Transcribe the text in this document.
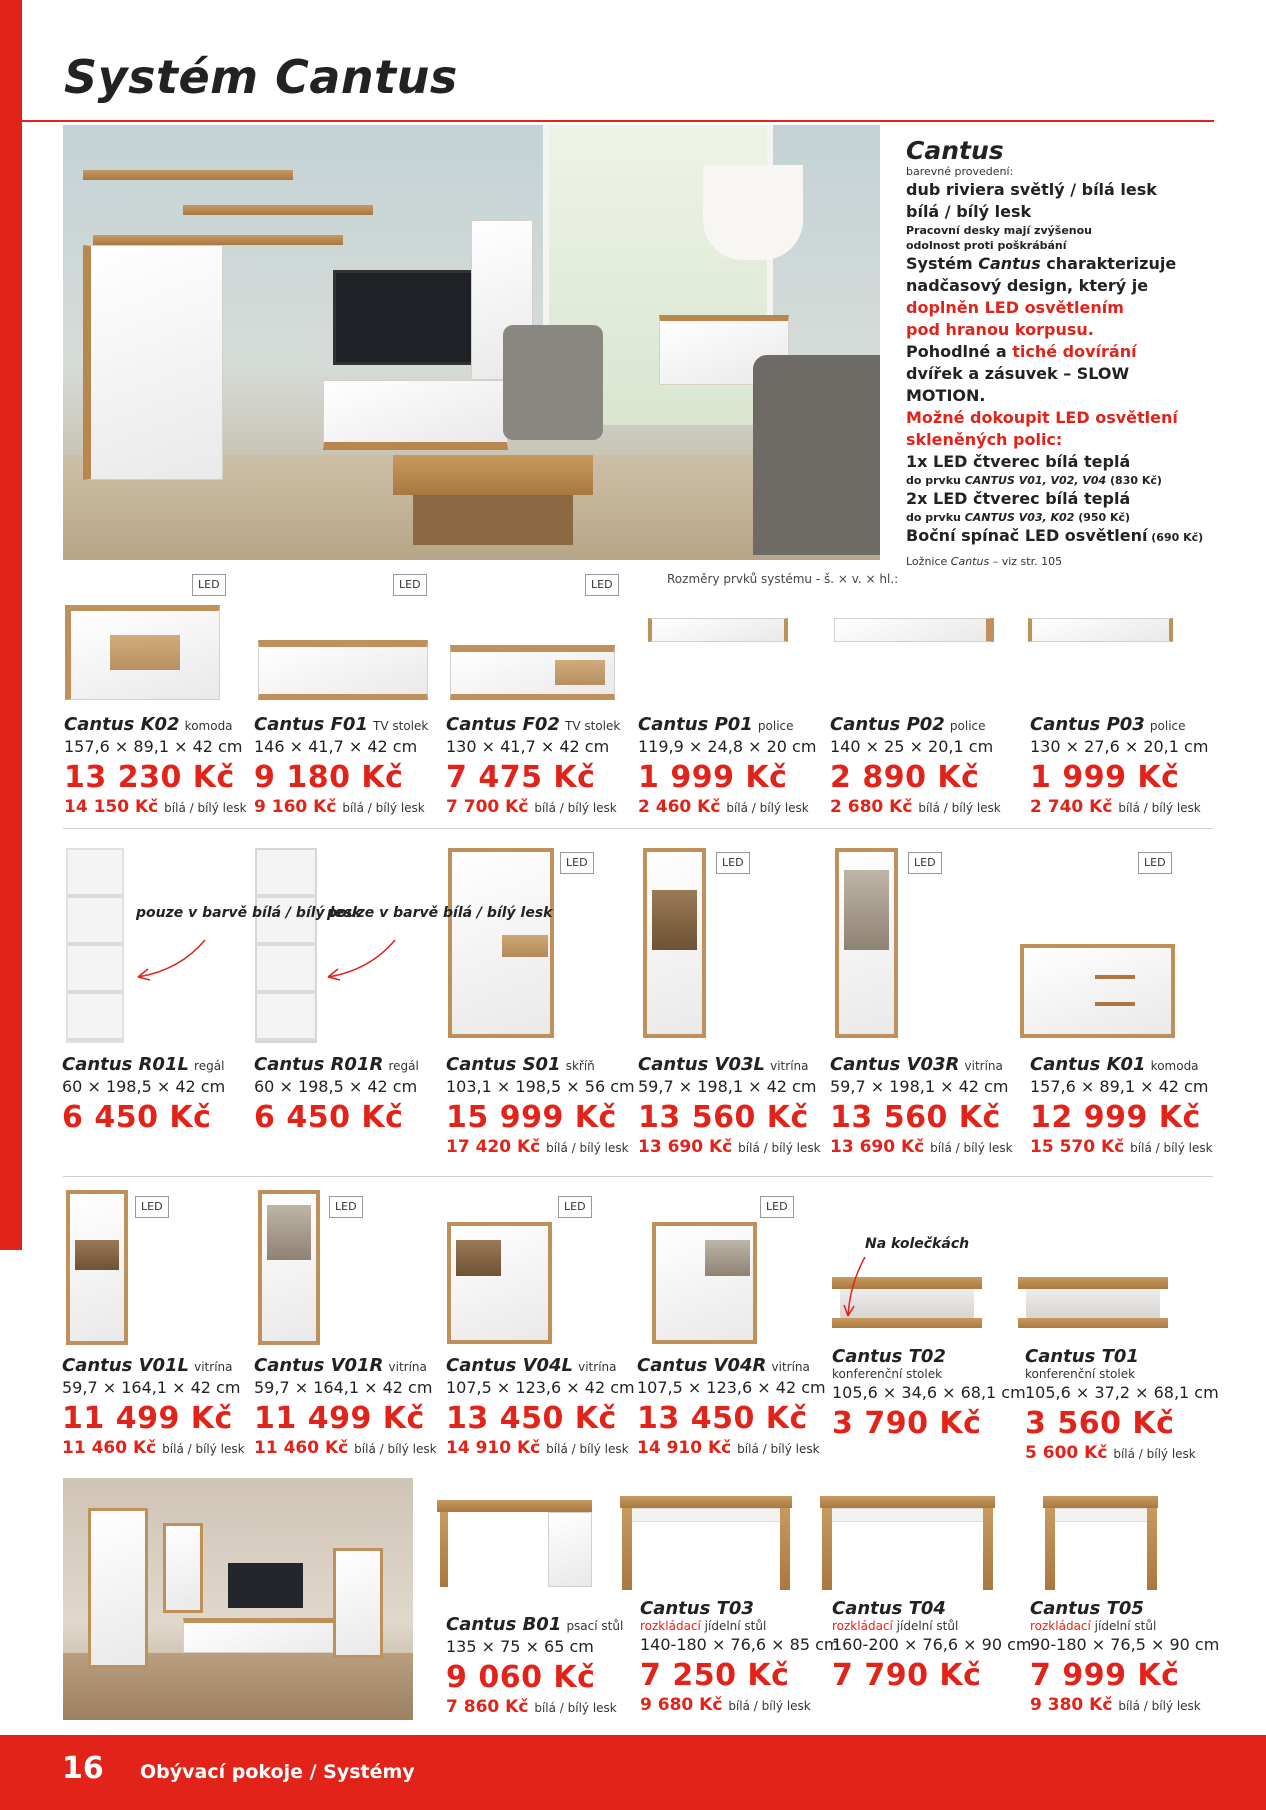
Systém Cantus
Cantus
barevné provedení:
dub riviera světlý / bílá lesk
bílá / bílý lesk
Pracovní desky mají zvýšenou
odolnost proti poškrábání
Systém Cantus charakterizuje
nadčasový design, který je
doplněn LED osvětlením
pod hranou korpusu.
Pohodlné a tiché dovírání
dvířek a zásuvek – SLOW MOTION.
Možné dokoupit LED osvětlení
skleněných polic:
1x LED čtverec bílá teplá
do prvku CANTUS V01, V02, V04 (830 Kč)
2x LED čtverec bílá teplá
do prvku CANTUS V03, K02 (950 Kč)
Boční spínač LED osvětlení (690 Kč)
Ložnice Cantus – viz str. 105
Rozměry prvků systému - š. × v. × hl.:
LED	LED	LED
LED	LED	LED	LED
LED	LED	LED	LED
Cantus K02 komoda
157,6 × 89,1 × 42 cm
13 230 Kč
14 150 Kč bílá / bílý lesk
Cantus F01 TV stolek
146 × 41,7 × 42 cm
9 180 Kč
9 160 Kč bílá / bílý lesk
Cantus F02 TV stolek
130 × 41,7 × 42 cm
7 475 Kč
7 700 Kč bílá / bílý lesk
Cantus P01 police
119,9 × 24,8 × 20 cm
1 999 Kč
2 460 Kč bílá / bílý lesk
Cantus P02 police
140 × 25 × 20,1 cm
2 890 Kč
2 680 Kč bílá / bílý lesk
Cantus P03 police
130 × 27,6 × 20,1 cm
1 999 Kč
2 740 Kč bílá / bílý lesk
pouze v barvě bílá / bílý lesk
pouze v barvě bílá / bílý lesk
Cantus R01L regál
60 × 198,5 × 42 cm
6 450 Kč
Cantus R01R regál
60 × 198,5 × 42 cm
6 450 Kč
Cantus S01 skříň
103,1 × 198,5 × 56 cm
15 999 Kč
17 420 Kč bílá / bílý lesk
Cantus V03L vitrína
59,7 × 198,1 × 42 cm
13 560 Kč
13 690 Kč bílá / bílý lesk
Cantus V03R vitrína
59,7 × 198,1 × 42 cm
13 560 Kč
13 690 Kč bílá / bílý lesk
Cantus K01 komoda
157,6 × 89,1 × 42 cm
12 999 Kč
15 570 Kč bílá / bílý lesk
Na kolečkách
Cantus V01L vitrína
59,7 × 164,1 × 42 cm
11 499 Kč
11 460 Kč bílá / bílý lesk
Cantus V01R vitrína
59,7 × 164,1 × 42 cm
11 499 Kč
11 460 Kč bílá / bílý lesk
Cantus V04L vitrína
107,5 × 123,6 × 42 cm
13 450 Kč
14 910 Kč bílá / bílý lesk
Cantus V04R vitrína
107,5 × 123,6 × 42 cm
13 450 Kč
14 910 Kč bílá / bílý lesk
Cantus T02
konferenční stolek
105,6 × 34,6 × 68,1 cm
3 790 Kč
Cantus T01
konferenční stolek
105,6 × 37,2 × 68,1 cm
3 560 Kč
5 600 Kč bílá / bílý lesk
Cantus B01 psací stůl
135 × 75 × 65 cm
9 060 Kč
7 860 Kč bílá / bílý lesk
Cantus T03
rozkládací jídelní stůl
140-180 × 76,6 × 85 cm
7 250 Kč
9 680 Kč bílá / bílý lesk
Cantus T04
rozkládací jídelní stůl
160-200 × 76,6 × 90 cm
7 790 Kč
Cantus T05
rozkládací jídelní stůl
90-180 × 76,5 × 90 cm
7 999 Kč
9 380 Kč bílá / bílý lesk
16 Obývací pokoje / Systémy
